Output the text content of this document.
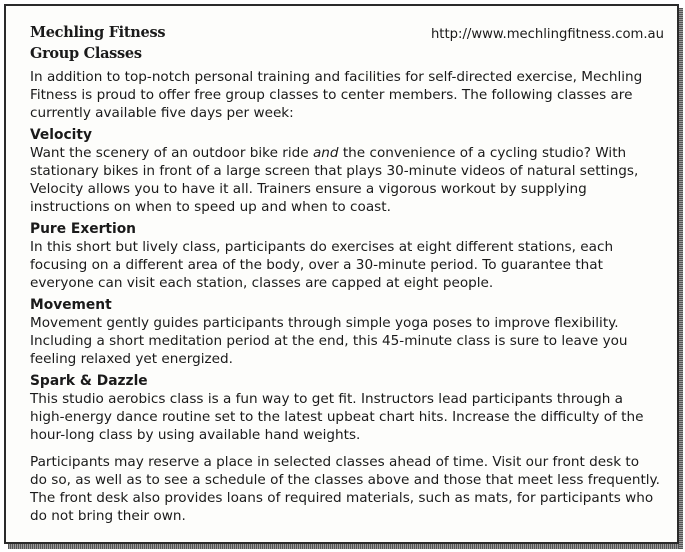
Mechling Fitness
Group Classes
http://www.mechlingfitness.com.au

In addition to top-notch personal training and facilities for self-directed exercise, Mechling Fitness is proud to offer free group classes to center members. The following classes are currently available five days per week:

Velocity

Want the scenery of an outdoor bike ride and the convenience of a cycling studio? With stationary bikes in front of a large screen that plays 30-minute videos of natural settings, Velocity allows you to have it all. Trainers ensure a vigorous workout by supplying instructions on when to speed up and when to coast.

Pure Exertion

In this short but lively class, participants do exercises at eight different stations, each focusing on a different area of the body, over a 30-minute period. To guarantee that everyone can visit each station, classes are capped at eight people.

Movement

Movement gently guides participants through simple yoga poses to improve flexibility. Including a short meditation period at the end, this 45-minute class is sure to leave you feeling relaxed yet energized.

Spark & Dazzle

This studio aerobics class is a fun way to get fit. Instructors lead participants through a high-energy dance routine set to the latest upbeat chart hits. Increase the difficulty of the hour-long class by using available hand weights.

Participants may reserve a place in selected classes ahead of time. Visit our front desk to do so, as well as to see a schedule of the classes above and those that meet less frequently. The front desk also provides loans of required materials, such as mats, for participants who do not bring their own.
